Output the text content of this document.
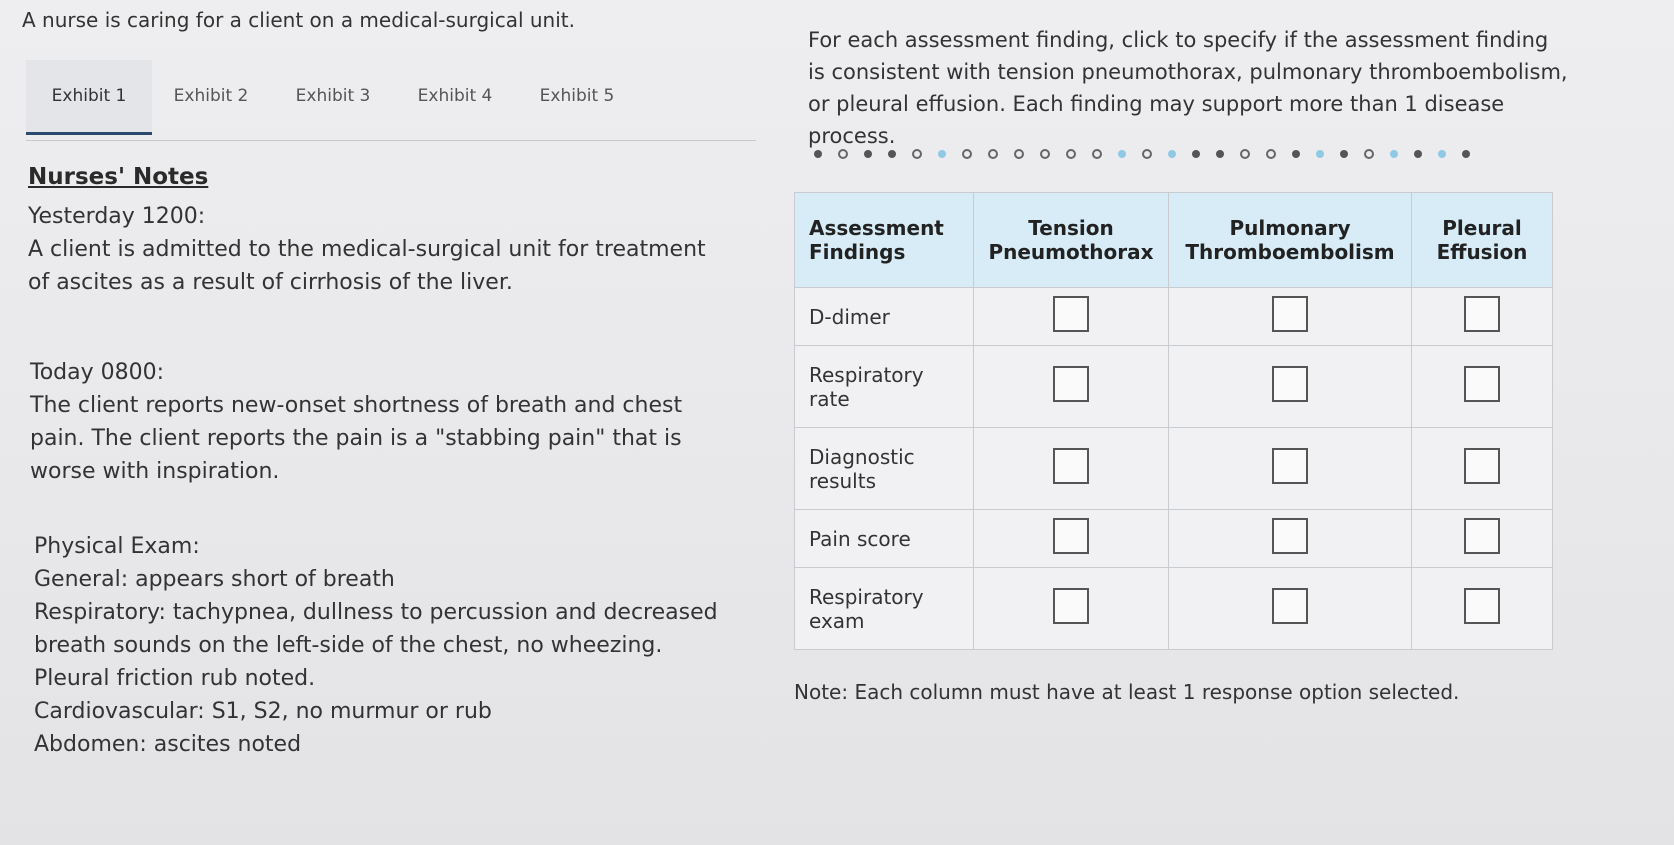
A nurse is caring for a client on a medical-surgical unit.
Exhibit 1	Exhibit 2	Exhibit 3	Exhibit 4	Exhibit 5
Nurses' Notes
Yesterday 1200:
A client is admitted to the medical-surgical unit for treatment of ascites as a result of cirrhosis of the liver.
Today 0800:
The client reports new-onset shortness of breath and chest pain. The client reports the pain is a "stabbing pain" that is worse with inspiration.
Physical Exam:
General: appears short of breath
Respiratory: tachypnea, dullness to percussion and decreased breath sounds on the left-side of the chest, no wheezing. Pleural friction rub noted.
Cardiovascular: S1, S2, no murmur or rub
Abdomen: ascites noted
For each assessment finding, click to specify if the assessment finding is consistent with tension pneumothorax, pulmonary thromboembolism, or pleural effusion. Each finding may support more than 1 disease process.
Assessment Findings	Tension Pneumothorax	Pulmonary Thromboembolism	Pleural Effusion
D-dimer			
Respiratory rate			
Diagnostic results			
Pain score			
Respiratory exam			
Note: Each column must have at least 1 response option selected.
